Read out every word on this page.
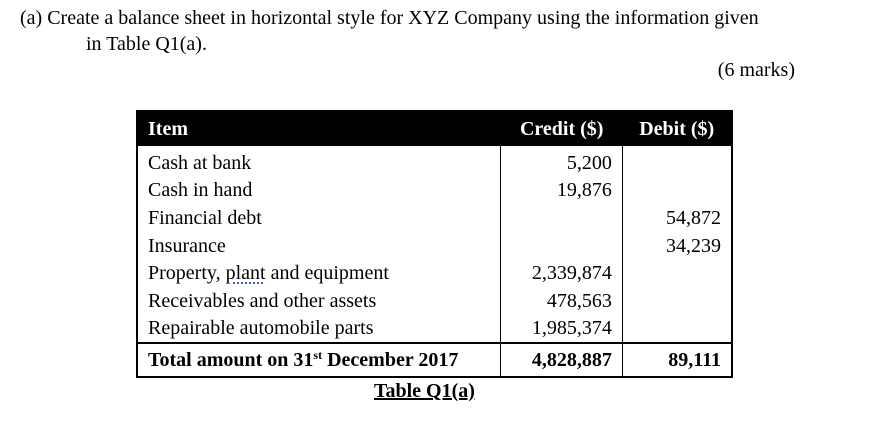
(a) Create a balance sheet in horizontal style for XYZ Company using the information given
in Table Q1(a).
(6 marks)
Item	Credit ($)	Debit ($)
Cash at bank	5,200	
Cash in hand	19,876	
Financial debt		54,872
Insurance		34,239
Property, plant and equipment	2,339,874	
Receivables and other assets	478,563	
Repairable automobile parts	1,985,374	
Total amount on 31st December 2017	4,828,887	89,111
Table Q1(a)
